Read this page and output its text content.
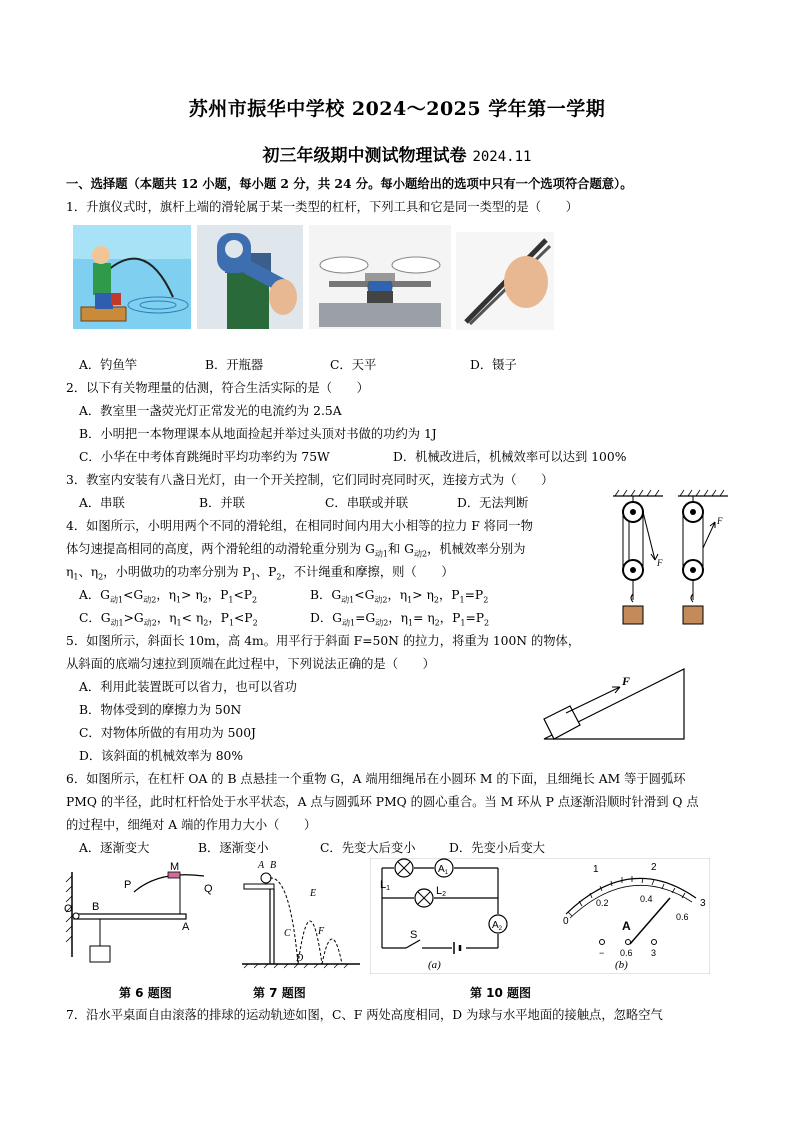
苏州市振华中学校 2024～2025 学年第一学期
初三年级期中测试物理试卷 2024.11
一、选择题（本题共 12 小题，每小题 2 分，共 24 分。每小题给出的选项中只有一个选项符合题意）。
1．升旗仪式时，旗杆上端的滑轮属于某一类型的杠杆，下列工具和它是同一类型的是（　　）
A．钓鱼竿	B．开瓶器	C．天平	D．镊子
2．以下有关物理量的估测，符合生活实际的是（　　）
A．教室里一盏荧光灯正常发光的电流约为 2.5A
B．小明把一本物理课本从地面捡起并举过头顶对书做的功约为 1J
C．小华在中考体育跳绳时平均功率约为 75W	D．机械改进后，机械效率可以达到 100%
3．教室内安装有八盏日光灯，由一个开关控制，它们同时亮同时灭，连接方式为（　　）
A．串联	B．并联	C．串联或并联	D．无法判断
4．如图所示，小明用两个不同的滑轮组，在相同时间内用大小相等的拉力 F 将同一物
体匀速提高相同的高度，两个滑轮组的动滑轮重分别为 $G_{动1}$和 $G_{动2}$，机械效率分别为
$\eta_1$、$\eta_2$，小明做功的功率分别为 $P_1$、$P_2$，不计绳重和摩擦，则（　　）
A．$G_{动1}<G_{动2}$，$\eta_1> \eta_2$，$P_1<P_2$	B．$G_{动1}<G_{动2}$，$\eta_1> \eta_2$，$P_1=P_2$
C．$G_{动1}>G_{动2}$，$\eta_1< \eta_2$，$P_1<P_2$	D．$G_{动1}=G_{动2}$，$\eta_1= \eta_2$，$P_1=P_2$
F
F
5．如图所示，斜面长 10m，高 4m。用平行于斜面 F=50N 的拉力，将重为 100N 的物体，
从斜面的底端匀速拉到顶端在此过程中，下列说法正确的是（　　）
A．利用此装置既可以省力，也可以省功
B．物体受到的摩擦力为 50N
C．对物体所做的有用功为 500J
D．该斜面的机械效率为 80%
F
6．如图所示，在杠杆 OA 的 B 点悬挂一个重物 G，A 端用细绳吊在小圆环 M 的下面，且细绳长 AM 等于圆弧环
PMQ 的半径，此时杠杆恰处于水平状态，A 点与圆弧环 PMQ 的圆心重合。当 M 环从 P 点逐渐沿顺时针滑到 Q 点
的过程中，细绳对 A 端的作用力大小（　　）
A．逐渐变大	B．逐渐变小	C．先变大后变小	D．先变小后变大
O B
P
M
Q
A
第 6 题图
A B
C
D
E
F
第 7 题图
L1
$A_1$
L2
$A_2$
S
(a)
0
1	2
3
0.2	0.4
0.6
A
− 0.6 3
(b)
第 10 题图
7．沿水平桌面自由滚落的排球的运动轨迹如图，C、F 两处高度相同，D 为球与水平地面的接触点，忽略空气
